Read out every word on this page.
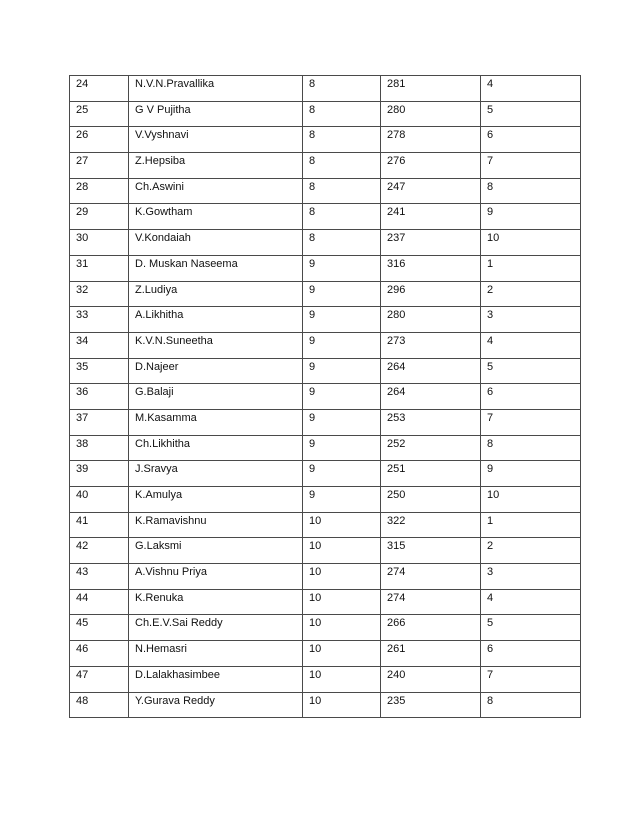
24	N.V.N.Pravallika	8	281	4
25	G V Pujitha	8	280	5
26	V.Vyshnavi	8	278	6
27	Z.Hepsiba	8	276	7
28	Ch.Aswini	8	247	8
29	K.Gowtham	8	241	9
30	V.Kondaiah	8	237	10
31	D. Muskan Naseema	9	316	1
32	Z.Ludiya	9	296	2
33	A.Likhitha	9	280	3
34	K.V.N.Suneetha	9	273	4
35	D.Najeer	9	264	5
36	G.Balaji	9	264	6
37	M.Kasamma	9	253	7
38	Ch.Likhitha	9	252	8
39	J.Sravya	9	251	9
40	K.Amulya	9	250	10
41	K.Ramavishnu	10	322	1
42	G.Laksmi	10	315	2
43	A.Vishnu Priya	10	274	3
44	K.Renuka	10	274	4
45	Ch.E.V.Sai Reddy	10	266	5
46	N.Hemasri	10	261	6
47	D.Lalakhasimbee	10	240	7
48	Y.Gurava Reddy	10	235	8
